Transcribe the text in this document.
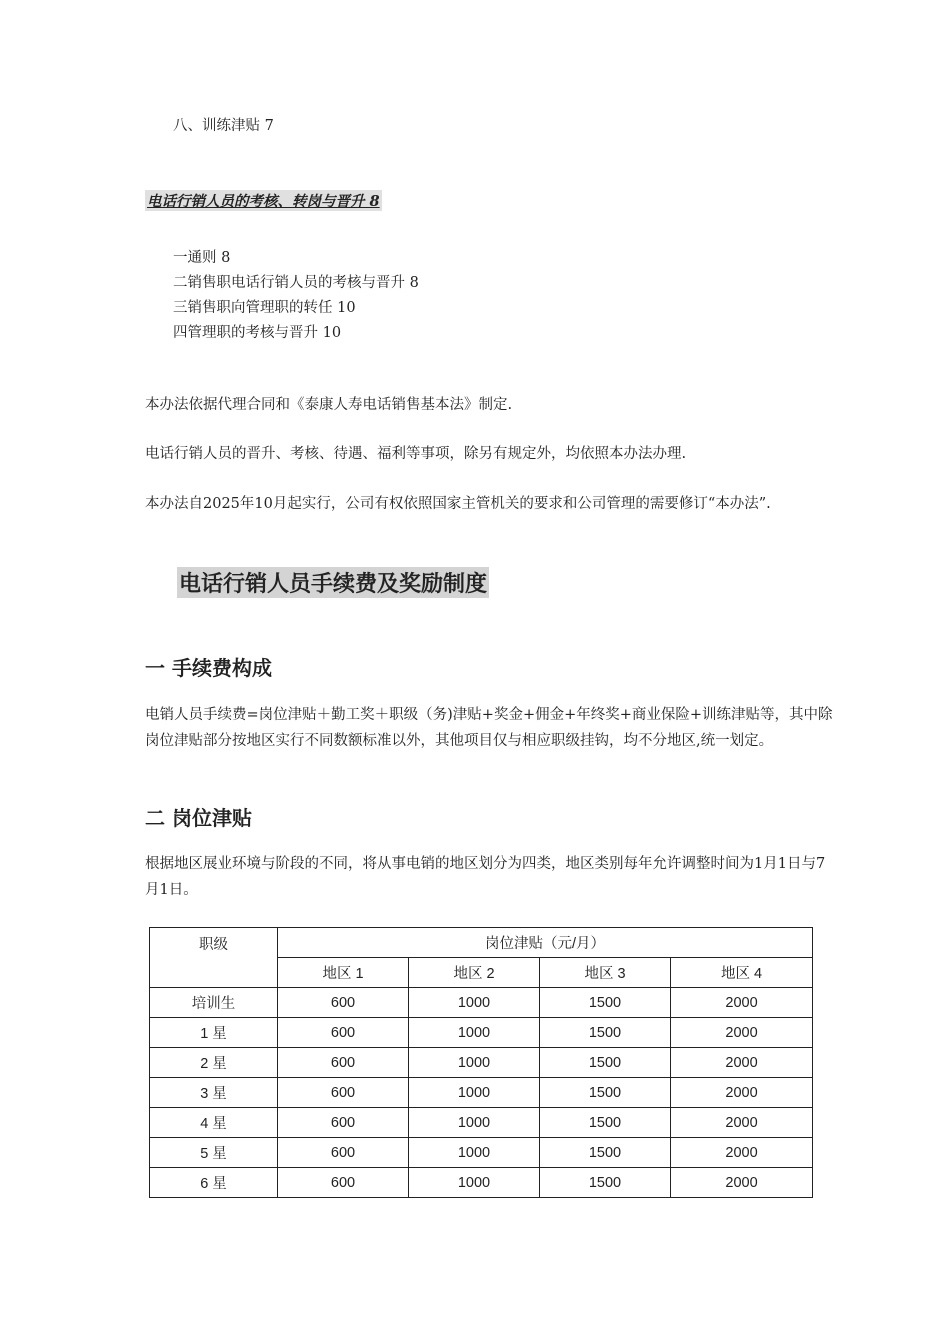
八、训练津贴 7
电话行销人员的考核、转岗与晋升 8
一通则 8
二销售职电话行销人员的考核与晋升 8
三销售职向管理职的转任 10
四管理职的考核与晋升 10
本办法依据代理合同和《泰康人寿电话销售基本法》制定.
电话行销人员的晋升、考核、待遇、福利等事项，除另有规定外，均依照本办法办理.
本办法自2025年10月起实行，公司有权依照国家主管机关的要求和公司管理的需要修订“本办法”.
电话行销人员手续费及奖励制度
一 手续费构成
电销人员手续费=岗位津贴＋勤工奖＋职级（务)津贴+奖金+佣金+年终奖+商业保险+训练津贴等，其中除岗位津贴部分按地区实行不同数额标准以外，其他项目仅与相应职级挂钩，均不分地区,统一划定。
二 岗位津贴
根据地区展业环境与阶段的不同，将从事电销的地区划分为四类，地区类别每年允许调整时间为1月1日与7月1日。
职级	岗位津贴（元/月）			
	地区 1	地区 2	地区 3	地区 4
培训生	600	1000	1500	2000
1 星	600	1000	1500	2000
2 星	600	1000	1500	2000
3 星	600	1000	1500	2000
4 星	600	1000	1500	2000
5 星	600	1000	1500	2000
6 星	600	1000	1500	2000
